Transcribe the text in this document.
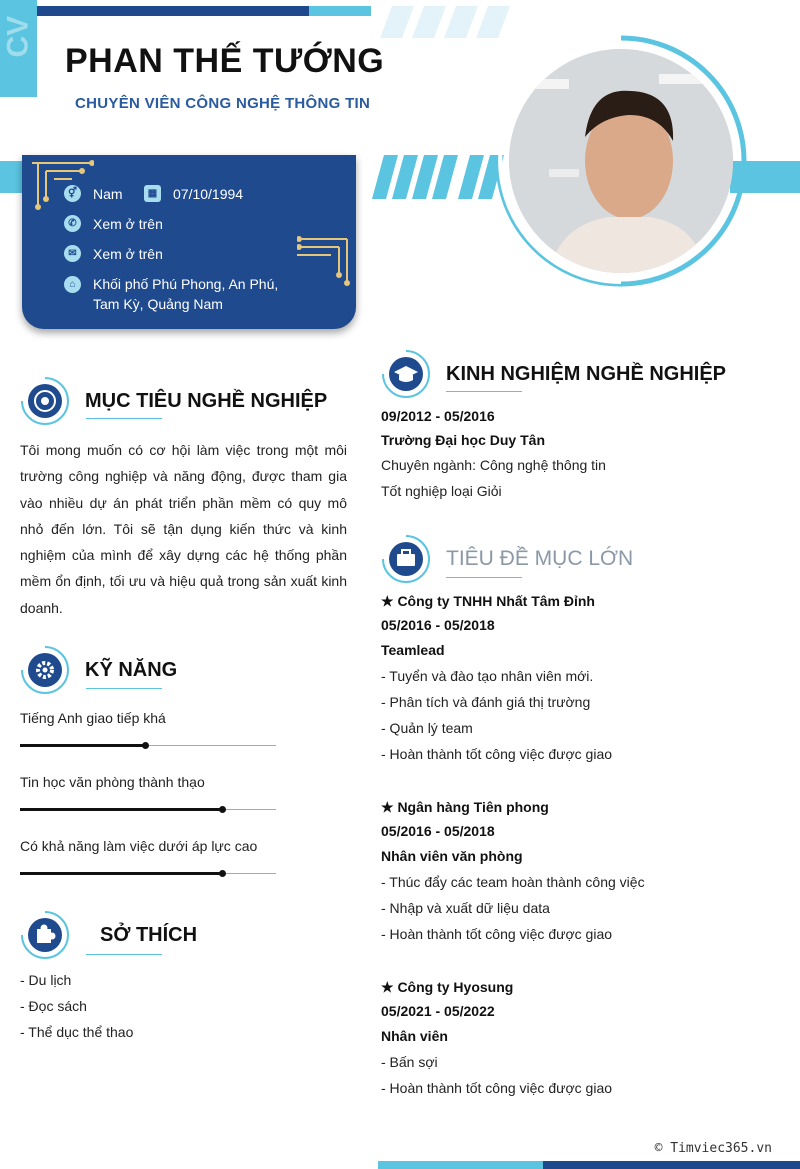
CV
PHAN THẾ TƯỚNG
CHUYÊN VIÊN CÔNG NGHỆ THÔNG TIN
⚥ Nam	▦ 07/10/1994
✆	Xem ở trên
✉	Xem ở trên
⌂	Khối phố Phú Phong, An Phú,
Tam Kỳ, Quảng Nam
MỤC TIÊU NGHỀ NGHIỆP
Tôi mong muốn có cơ hội làm việc trong một môi trường công nghiệp và năng động, được tham gia vào nhiều dự án phát triển phần mềm có quy mô nhỏ đến lớn. Tôi sẽ tận dụng kiến thức và kinh nghiệm của mình để xây dựng các hệ thống phần mềm ổn định, tối ưu và hiệu quả trong sản xuất kinh doanh.
KỸ NĂNG
Tiếng Anh giao tiếp khá
Tin học văn phòng thành thạo
Có khả năng làm việc dưới áp lực cao
SỞ THÍCH
- Du lịch
- Đọc sách
- Thể dục thể thao
KINH NGHIỆM NGHỀ NGHIỆP
09/2012 - 05/2016
Trường Đại học Duy Tân
Chuyên ngành: Công nghệ thông tin
Tốt nghiệp loại Giỏi
TIÊU ĐỀ MỤC LỚN
★ Công ty TNHH Nhất Tâm Đỉnh
05/2016 - 05/2018
Teamlead
- Tuyển và đào tạo nhân viên mới.
- Phân tích và đánh giá thị trường
- Quản lý team
- Hoàn thành tốt công việc được giao
★ Ngân hàng Tiên phong
05/2016 - 05/2018
Nhân viên văn phòng
- Thúc đẩy các team hoàn thành công việc
- Nhập và xuất dữ liệu data
- Hoàn thành tốt công việc được giao
★ Công ty Hyosung
05/2021 - 05/2022
Nhân viên
- Bấn sợi
- Hoàn thành tốt công việc được giao
© Timviec365.vn
